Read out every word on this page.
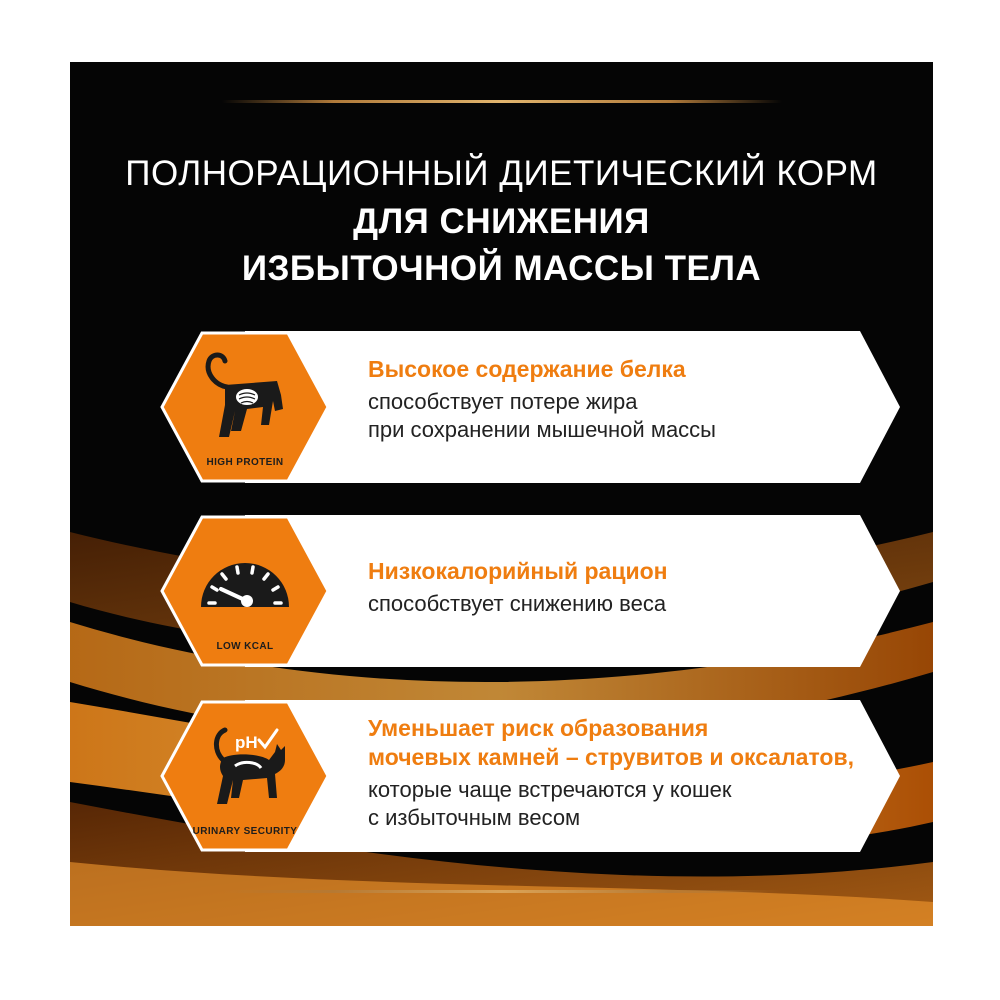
ПОЛНОРАЦИОННЫЙ ДИЕТИЧЕСКИЙ КОРМ
ДЛЯ СНИЖЕНИЯ
ИЗБЫТОЧНОЙ МАССЫ ТЕЛА
HIGH PROTEIN
Высокое содержание белка
способствует потере жира
при сохранении мышечной массы
LOW KCAL
Низкокалорийный рацион
способствует снижению веса
pH
URINARY SECURITY
Уменьшает риск образования
мочевых камней – струвитов и оксалатов,
которые чаще встречаются у кошек
с избыточным весом
